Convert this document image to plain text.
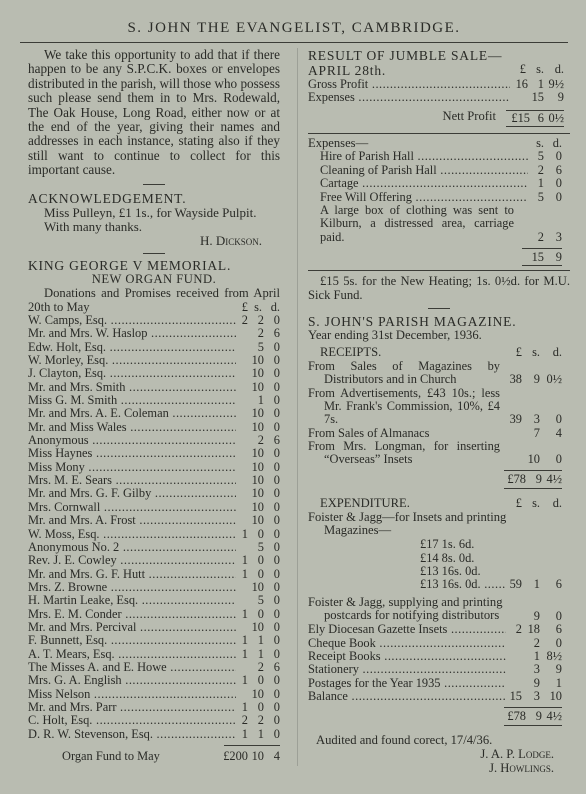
S. JOHN THE EVANGELIST, CAMBRIDGE.

We take this opportunity to add that if there happen to be any S.P.C.K. boxes or envelopes distributed in the parish, will those who possess such please send them in to Mrs. Rodewald, The Oak House, Long Road, either now or at the end of the year, giving their names and addresses in each instance, stating also if they still want to continue to collect for this important cause.

ACKNOWLEDGEMENT.

Miss Pulleyn, £1 1s., for Wayside Pulpit. With many thanks.

H. Dickson.

KING GEORGE V MEMORIAL.

NEW ORGAN FUND.

Donations and Promises received from April 20th to May	£ s. d.
W. Camps, Esq. .....	2 2 0
Mr. and Mrs. W. Haslop .....	2 6
Edw. Holt, Esq. .....	5 0
W. Morley, Esq. .....	10 0
J. Clayton, Esq. .....	10 0
Mr. and Mrs. Smith .....	10 0
Miss G. M. Smith .....	1 0
Mr. and Mrs. A. E. Coleman .....	10 0
Mr. and Miss Wales .....	10 0
Anonymous .....	2 6
Miss Haynes .....	10 0
Miss Mony .....	10 0
Mrs. M. E. Sears .....	10 0
Mr. and Mrs. G. F. Gilby .....	10 0
Mrs. Cornwall .....	10 0
Mr. and Mrs. A. Frost .....	10 0
W. Moss, Esq. .....	1 0 0
Anonymous No. 2 .....	5 0
Rev. J. E. Cowley .....	1 0 0
Mr. and Mrs. G. F. Hutt .....	1 0 0
Mrs. Z. Browne .....	10 0
H. Martin Leake, Esq. .....	5 0
Mrs. E. M. Conder .....	1 0 0
Mr. and Mrs. Percival .....	10 0
F. Bunnett, Esq. .....	1 1 0
A. T. Mears, Esq. .....	1 1 0
The Misses A. and E. Howe .....	2 6
Mrs. G. A. English .....	1 0 0
Miss Nelson .....	10 0
Mr. and Mrs. Parr .....	1 0 0
C. Holt, Esq. .....	2 2 0
D. R. W. Stevenson, Esq. .....	1 1 0
Organ Fund to May	£200 10 4

RESULT OF JUMBLE SALE—

APRIL 28th.	£ s. d.
Gross Profit .....	16 1 9½
Expenses .....	15	9
Nett Profit	£15 6 0½

Expenses—	s. d.
Hire of Parish Hall .....	5 0
Cleaning of Parish Hall .....	2 6
Cartage .....	1 0
Free Will Offering .....	5 0
A large box of clothing was sent to Kilburn, a distressed area, carriage paid.	2 3
15 9

£15 5s. for the New Heating; 1s. 0½d. for M.U. Sick Fund.

S. JOHN'S PARISH MAGAZINE.

Year ending 31st December, 1936.

RECEIPTS.	£ s.	d.
From Sales of Magazines by Distributors and in Church	38 9 0½
From Advertisements, £43 10s.; less Mr. Frank's Commission, 10%, £4 7s.	39 3	0
From Sales of Almanacs	7	4
From Mrs. Longman, for inserting “Overseas” Insets	10	0
£78 9 4½

EXPENDITURE.	£ s.	d.

Foister & Jagg—for Insets and printing Magazines—

£17 1s. 6d.
£14 8s. 0d.
£13 16s. 0d.
£13 16s. 0d. .....	59 1	6

Foister & Jagg, supplying and printing postcards for notifying distributors	9	0
Ely Diocesan Gazette Insets .....	2 18	6
Cheque Book .....	2	0
Receipt Books .....	1 8½
Stationery .....	3	9
Postages for the Year 1935 .....	9	1
Balance .....	15 3 10
£78 9 4½

Audited and found corect, 17/4/36.

J. A. P. Lodge.

J. Howlings.
